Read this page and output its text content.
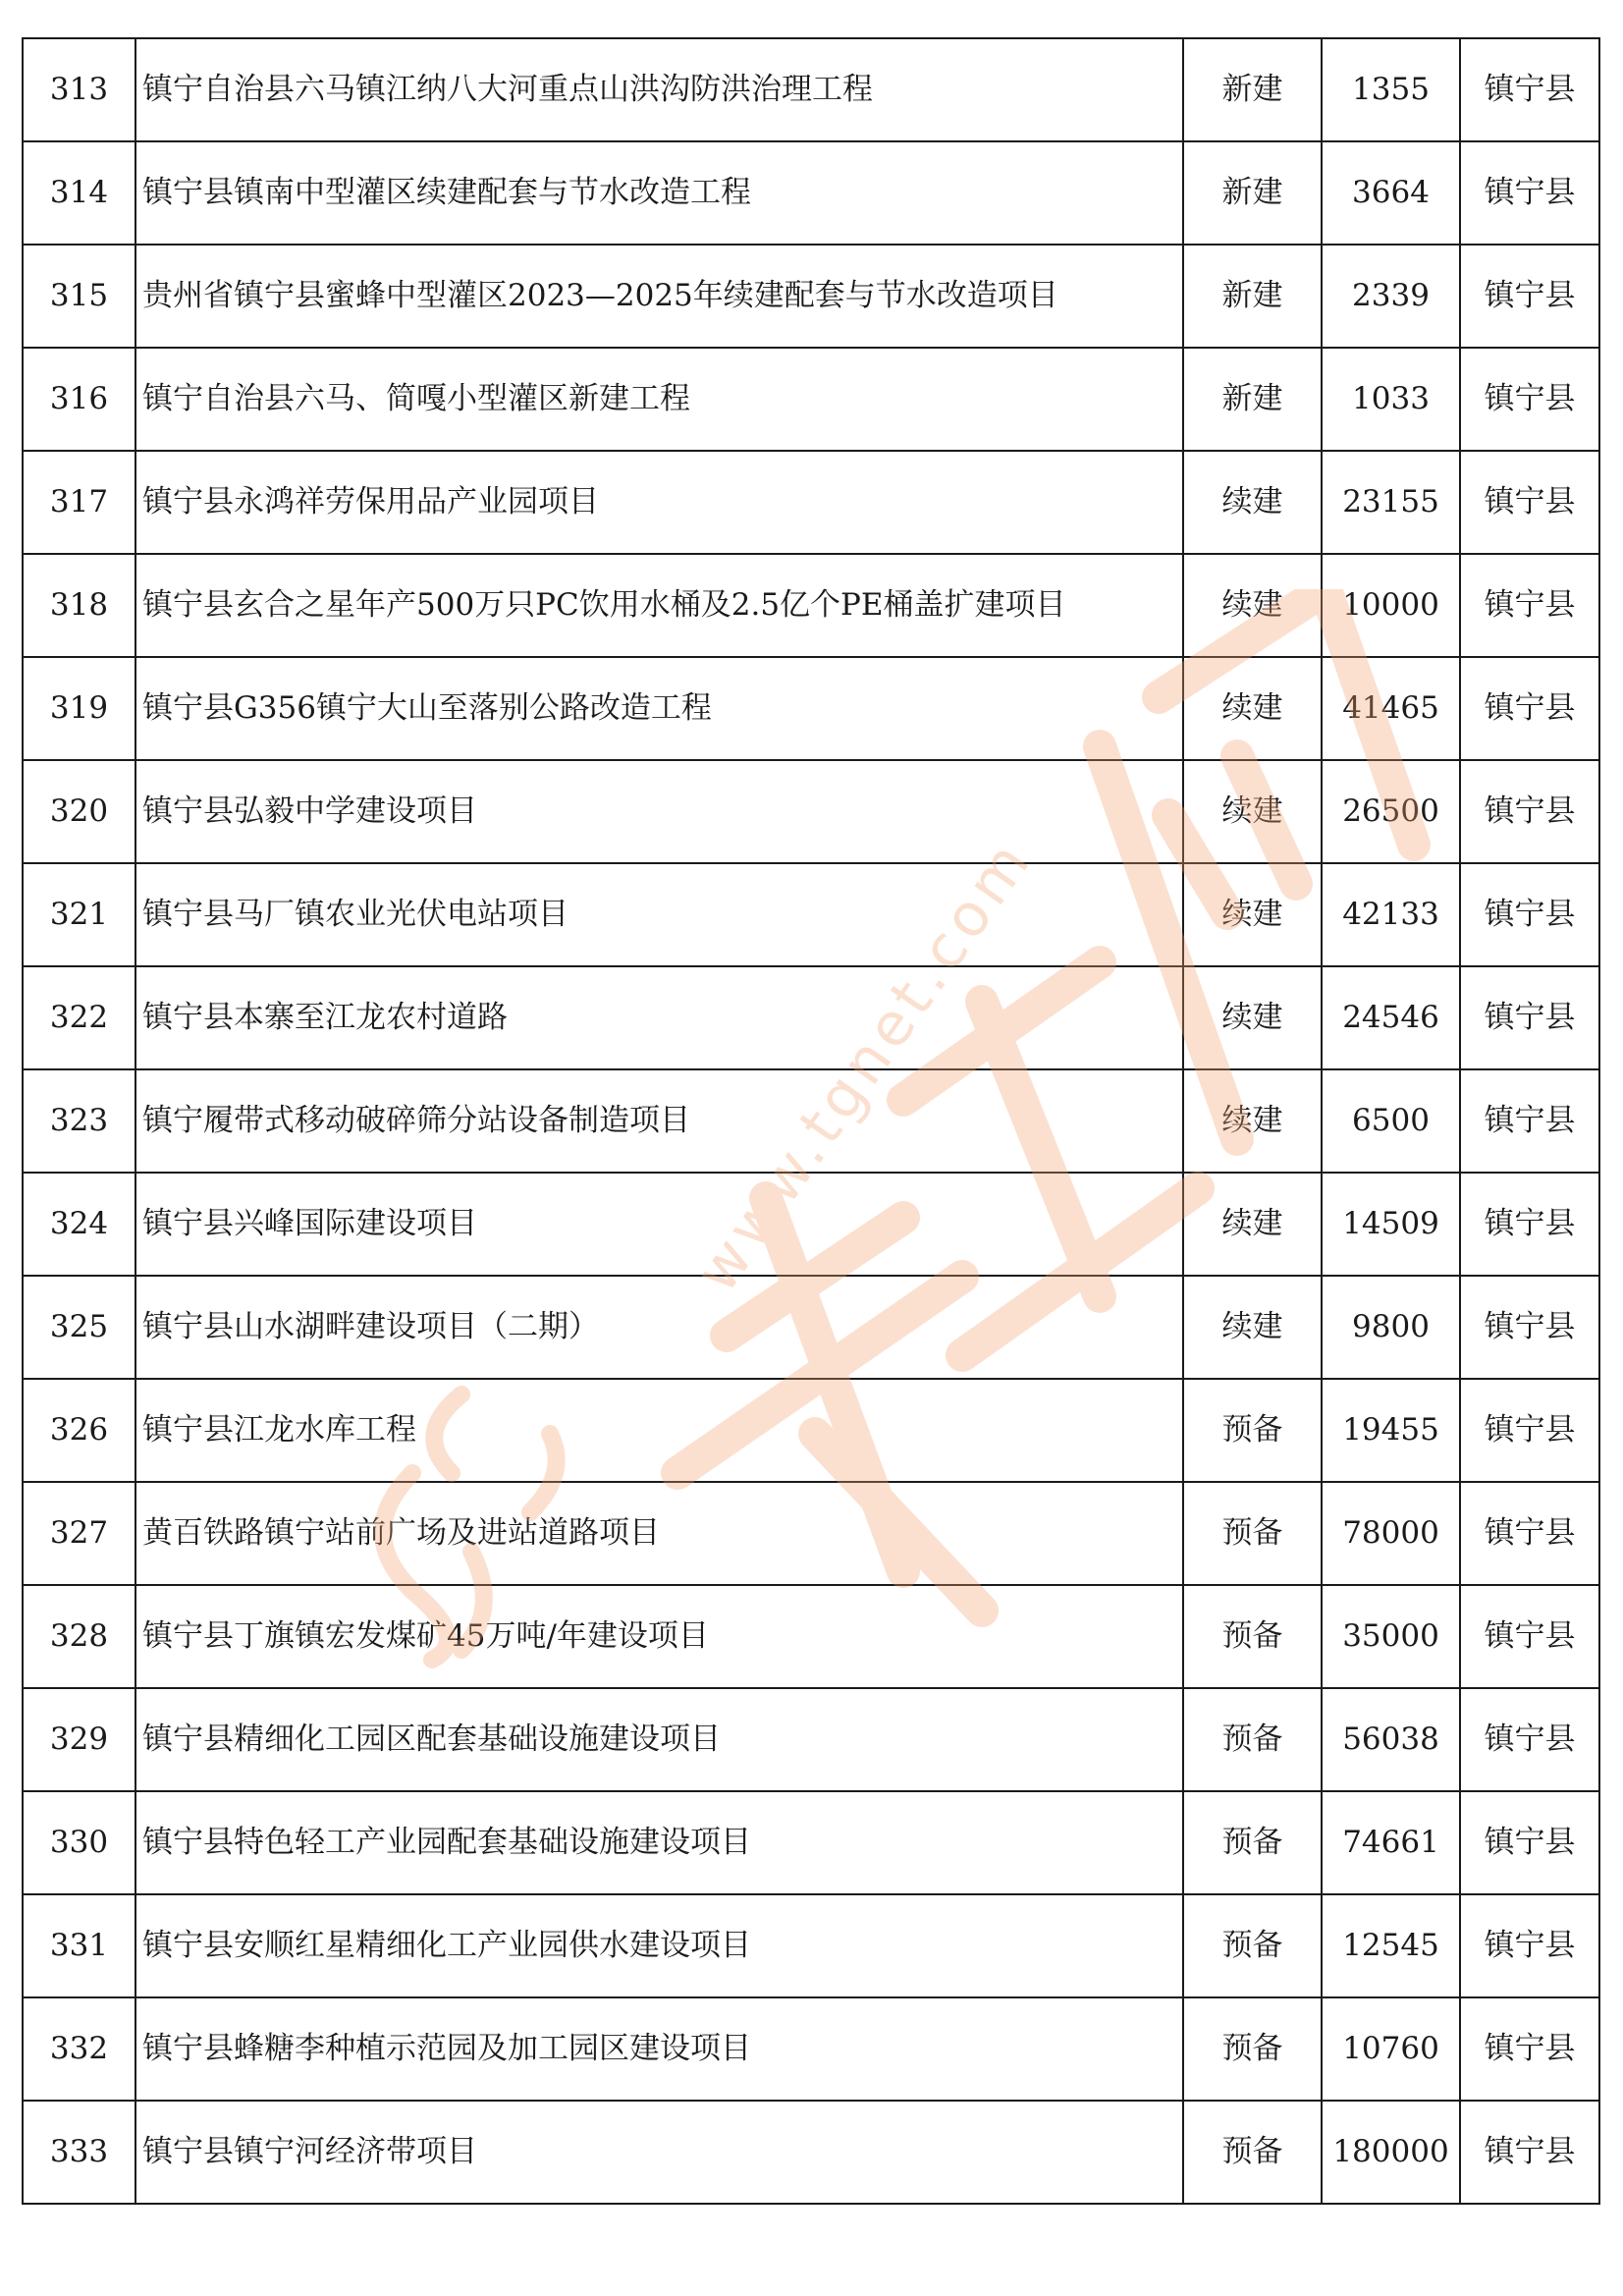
313	镇宁自治县六马镇江纳八大河重点山洪沟防洪治理工程	新建	1355	镇宁县
314	镇宁县镇南中型灌区续建配套与节水改造工程	新建	3664	镇宁县
315	贵州省镇宁县蜜蜂中型灌区2023—2025年续建配套与节水改造项目	新建	2339	镇宁县
316	镇宁自治县六马、简嘎小型灌区新建工程	新建	1033	镇宁县
317	镇宁县永鸿祥劳保用品产业园项目	续建	23155	镇宁县
318	镇宁县玄合之星年产500万只PC饮用水桶及2.5亿个PE桶盖扩建项目	续建	10000	镇宁县
319	镇宁县G356镇宁大山至落别公路改造工程	续建	41465	镇宁县
320	镇宁县弘毅中学建设项目	续建	26500	镇宁县
321	镇宁县马厂镇农业光伏电站项目	续建	42133	镇宁县
322	镇宁县本寨至江龙农村道路	续建	24546	镇宁县
323	镇宁履带式移动破碎筛分站设备制造项目	续建	6500	镇宁县
324	镇宁县兴峰国际建设项目	续建	14509	镇宁县
325	镇宁县山水湖畔建设项目（二期）	续建	9800	镇宁县
326	镇宁县江龙水库工程	预备	19455	镇宁县
327	黄百铁路镇宁站前广场及进站道路项目	预备	78000	镇宁县
328	镇宁县丁旗镇宏发煤矿45万吨/年建设项目	预备	35000	镇宁县
329	镇宁县精细化工园区配套基础设施建设项目	预备	56038	镇宁县
330	镇宁县特色轻工产业园配套基础设施建设项目	预备	74661	镇宁县
331	镇宁县安顺红星精细化工产业园供水建设项目	预备	12545	镇宁县
332	镇宁县蜂糖李种植示范园及加工园区建设项目	预备	10760	镇宁县
333	镇宁县镇宁河经济带项目	预备	180000	镇宁县
www.tgnet.com
